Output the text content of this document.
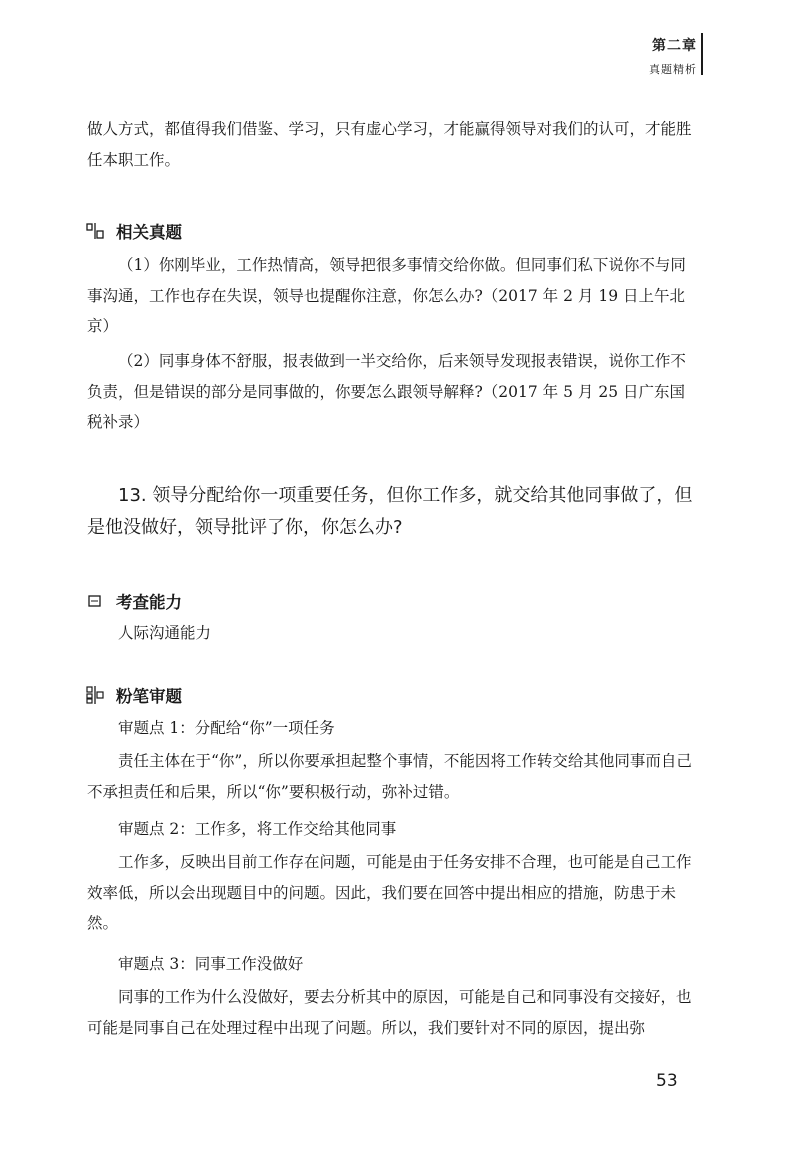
第二章
真题精析

做人方式，都值得我们借鉴、学习，只有虚心学习，才能赢得领导对我们的认可，才能胜任本职工作。

相关真题

（1）你刚毕业，工作热情高，领导把很多事情交给你做。但同事们私下说你不与同事沟通，工作也存在失误，领导也提醒你注意，你怎么办?（2017 年 2 月 19 日上午北京）

（2）同事身体不舒服，报表做到一半交给你，后来领导发现报表错误，说你工作不负责，但是错误的部分是同事做的，你要怎么跟领导解释?（2017 年 5 月 25 日广东国税补录）

13. 领导分配给你一项重要任务，但你工作多，就交给其他同事做了，但是他没做好，领导批评了你，你怎么办?

考查能力

人际沟通能力

粉笔审题

审题点 1：分配给“你”一项任务

责任主体在于“你”，所以你要承担起整个事情，不能因将工作转交给其他同事而自己不承担责任和后果，所以“你”要积极行动，弥补过错。

审题点 2：工作多，将工作交给其他同事

工作多，反映出目前工作存在问题，可能是由于任务安排不合理，也可能是自己工作效率低，所以会出现题目中的问题。因此，我们要在回答中提出相应的措施，防患于未然。

审题点 3：同事工作没做好

同事的工作为什么没做好，要去分析其中的原因，可能是自己和同事没有交接好，也可能是同事自己在处理过程中出现了问题。所以，我们要针对不同的原因，提出弥

53
